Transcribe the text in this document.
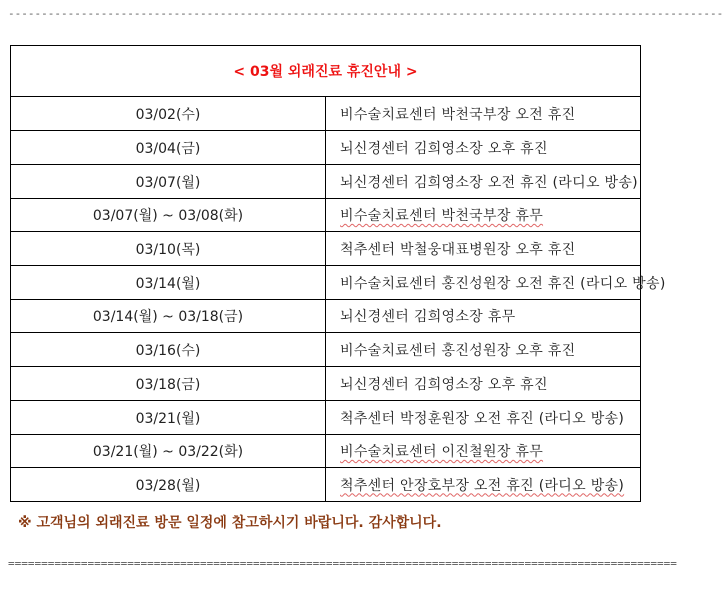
------------------------------------------------------------------------------------------------------------
< 03월 외래진료 휴진안내 >	
03/02(수)	비수술치료센터 박천국부장 오전 휴진
03/04(금)	뇌신경센터 김희영소장 오후 휴진
03/07(월)	뇌신경센터 김희영소장 오전 휴진 (라디오 방송)
03/07(월) ~ 03/08(화)	비수술치료센터 박천국부장 휴무
03/10(목)	척추센터 박철웅대표병원장 오후 휴진
03/14(월)	비수술치료센터 홍진성원장 오전 휴진 (라디오 방송)
03/14(월) ~ 03/18(금)	뇌신경센터 김희영소장 휴무
03/16(수)	비수술치료센터 홍진성원장 오후 휴진
03/18(금)	뇌신경센터 김희영소장 오후 휴진
03/21(월)	척추센터 박정훈원장 오전 휴진 (라디오 방송)
03/21(월) ~ 03/22(화)	비수술치료센터 이진철원장 휴무
03/28(월)	척추센터 안장호부장 오전 휴진 (라디오 방송)
※ 고객님의 외래진료 방문 일정에 참고하시기 바랍니다. 감사합니다.
=====================================================================================================
